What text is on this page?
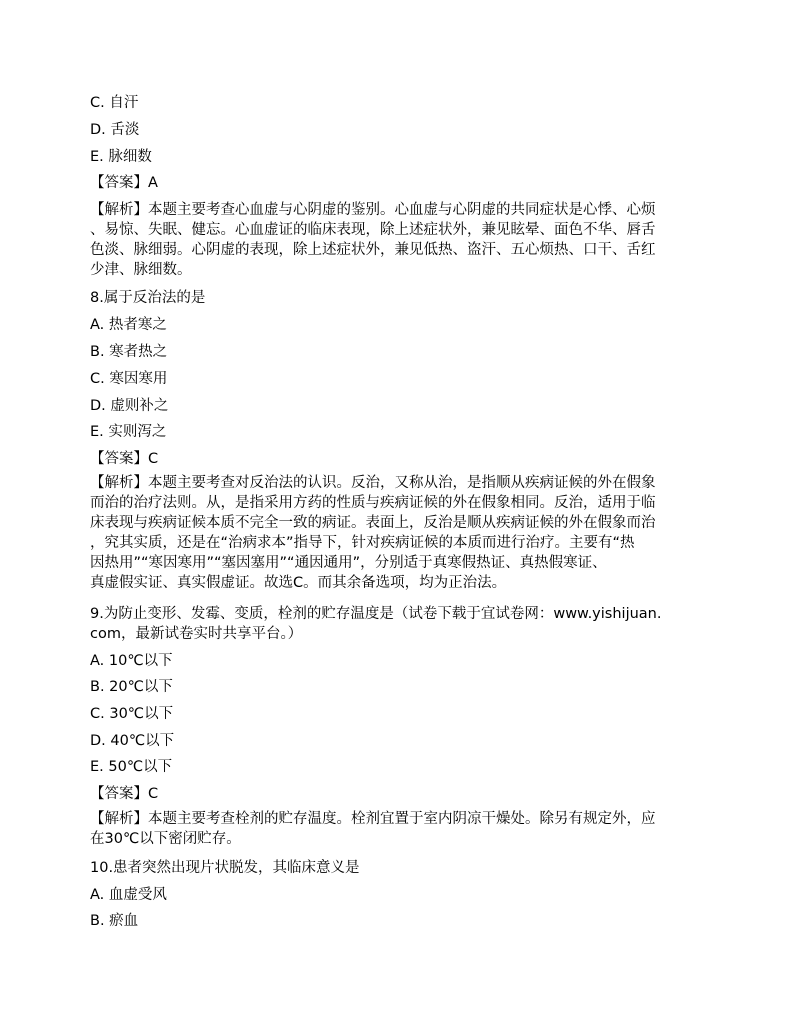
C. 自汗
D. 舌淡
E. 脉细数
【答案】A
【解析】本题主要考查心血虚与心阴虚的鉴别。心血虚与心阴虚的共同症状是心悸、心烦
、易惊、失眠、健忘。心血虚证的临床表现，除上述症状外，兼见眩晕、面色不华、唇舌
色淡、脉细弱。心阴虚的表现，除上述症状外，兼见低热、盗汗、五心烦热、口干、舌红
少津、脉细数。
8.属于反治法的是
A. 热者寒之
B. 寒者热之
C. 寒因寒用
D. 虚则补之
E. 实则泻之
【答案】C
【解析】本题主要考查对反治法的认识。反治，又称从治，是指顺从疾病证候的外在假象
而治的治疗法则。从，是指采用方药的性质与疾病证候的外在假象相同。反治，适用于临
床表现与疾病证候本质不完全一致的病证。表面上，反治是顺从疾病证候的外在假象而治
，究其实质，还是在“治病求本”指导下，针对疾病证候的本质而进行治疗。主要有“热
因热用”“寒因寒用”“塞因塞用”“通因通用”，分别适于真寒假热证、真热假寒证、
真虚假实证、真实假虚证。故选C。而其余备选项，均为正治法。
9.为防止变形、发霉、变质，栓剂的贮存温度是（试卷下载于宜试卷网：www.yishijuan.
com，最新试卷实时共享平台。）
A. 10℃以下
B. 20℃以下
C. 30℃以下
D. 40℃以下
E. 50℃以下
【答案】C
【解析】本题主要考查栓剂的贮存温度。栓剂宜置于室内阴凉干燥处。除另有规定外，应
在30℃以下密闭贮存。
10.患者突然出现片状脱发，其临床意义是
A. 血虚受风
B. 瘀血
